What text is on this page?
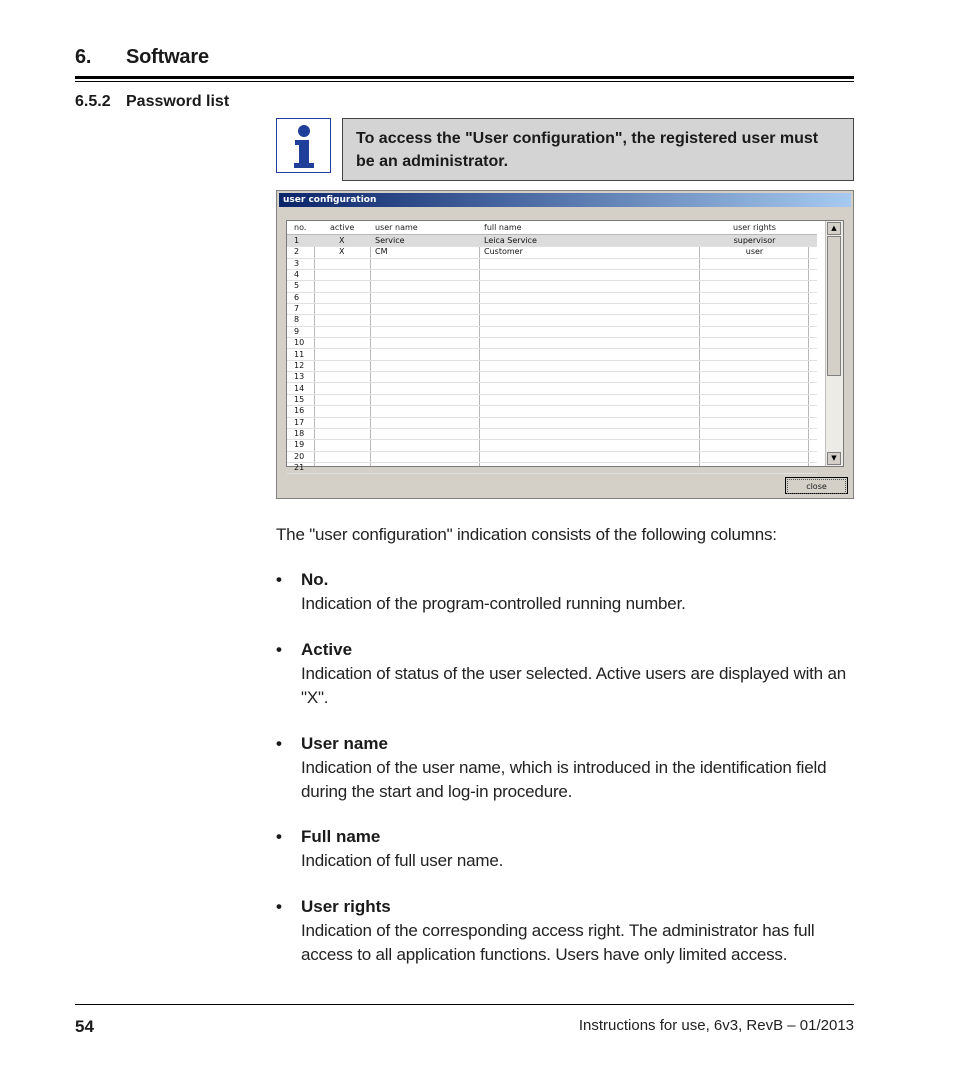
6. Software
6.5.2 Password list
To access the "User configuration", the registered user must be an administrator.
user configuration
no.	active	user name	full name	user rights
1	X	Service	Leica Service	supervisor
2	X	CM	Customer	user
3
4
5
6
7
8
9
10
11
12
13
14
15
16
17
18
19
20
21
▲
▼
close
The "user configuration" indication consists of the following columns:
• No.
Indication of the program-controlled running number.
• Active
Indication of status of the user selected. Active users are displayed with an "X".
• User name
Indication of the user name, which is introduced in the identification field during the start and log-in procedure.
• Full name
Indication of full user name.
• User rights
Indication of the corresponding access right. The administrator has full access to all application functions. Users have only limited access.
54	Instructions for use, 6v3, RevB – 01/2013
